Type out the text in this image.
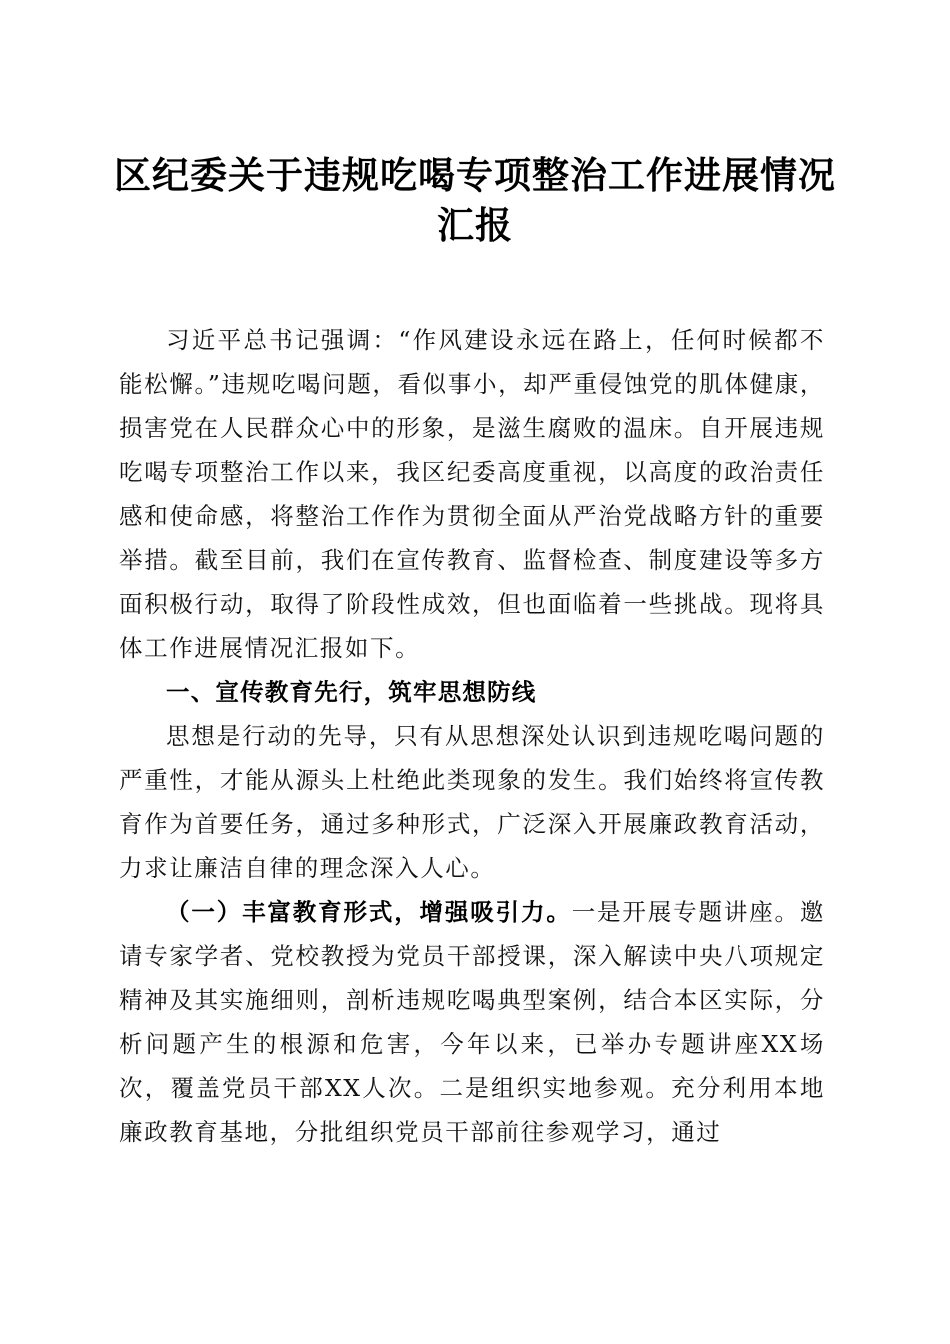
区纪委关于违规吃喝专项整治工作进展情况汇报

习近平总书记强调：“作风建设永远在路上，任何时候都不能松懈。”违规吃喝问题，看似事小，却严重侵蚀党的肌体健康，损害党在人民群众心中的形象，是滋生腐败的温床。自开展违规吃喝专项整治工作以来，我区纪委高度重视，以高度的政治责任感和使命感，将整治工作作为贯彻全面从严治党战略方针的重要举措。截至目前，我们在宣传教育、监督检查、制度建设等多方面积极行动，取得了阶段性成效，但也面临着一些挑战。现将具体工作进展情况汇报如下。

一、宣传教育先行，筑牢思想防线

思想是行动的先导，只有从思想深处认识到违规吃喝问题的严重性，才能从源头上杜绝此类现象的发生。我们始终将宣传教育作为首要任务，通过多种形式，广泛深入开展廉政教育活动，力求让廉洁自律的理念深入人心。

（一）丰富教育形式，增强吸引力。一是开展专题讲座。邀请专家学者、党校教授为党员干部授课，深入解读中央八项规定精神及其实施细则，剖析违规吃喝典型案例，结合本区实际，分析问题产生的根源和危害，今年以来，已举办专题讲座XX场次，覆盖党员干部XX人次。二是组织实地参观。充分利用本地廉政教育基地，分批组织党员干部前往参观学习，通过
